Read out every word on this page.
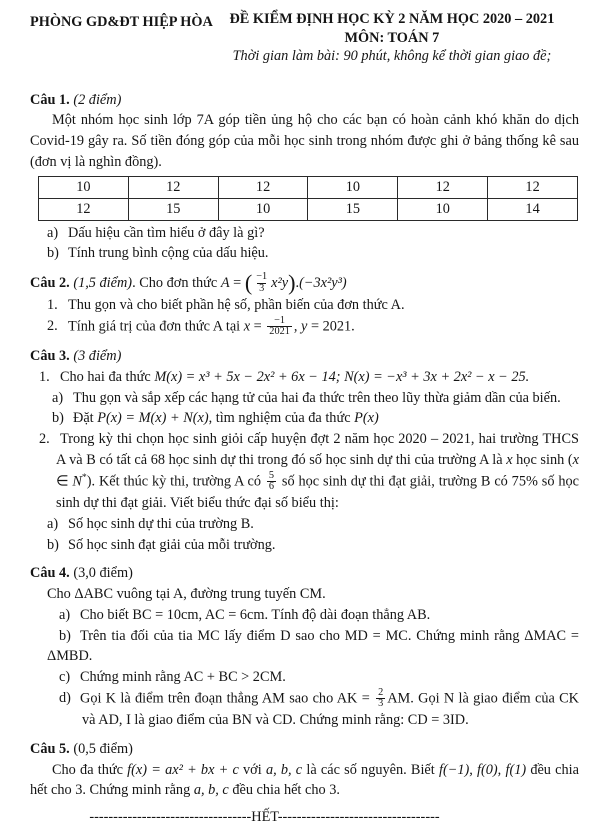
PHÒNG GD&ĐT HIỆP HÒA	ĐỀ KIỂM ĐỊNH HỌC KỲ 2 NĂM HỌC 2020 – 2021
MÔN: TOÁN 7
Thời gian làm bài: 90 phút, không kể thời gian giao đề;

Câu 1. (2 điểm)

Một nhóm học sinh lớp 7A góp tiền ủng hộ cho các bạn có hoàn cảnh khó khăn do dịch Covid-19 gây ra. Số tiền đóng góp của mỗi học sinh trong nhóm được ghi ở bảng thống kê sau (đơn vị là nghìn đồng).

10	12	12	10	12	12
12	15	10	15	10	14

a) Dấu hiệu cần tìm hiểu ở đây là gì?

b) Tính trung bình cộng của dấu hiệu.

Câu 2. (1,5 điểm). Cho đơn thức A = ( $\frac{-1}{3} x^2y).(-3x^2y^3)$

1. Thu gọn và cho biết phần hệ số, phần biến của đơn thức A.

2. Tính giá trị của đơn thức A tại $x = \frac{-1}{2021}$ , y = 2021.

Câu 3. (3 điểm)

1. Cho hai đa thức M(x) = x³ + 5x − 2x² + 6x − 14; N(x) = −x³ + 3x + 2x² − x − 25.

a) Thu gọn và sắp xếp các hạng tử của hai đa thức trên theo lũy thừa giảm dần của biến.

b) Đặt P(x) = M(x) + N(x), tìm nghiệm của đa thức P(x)

2. Trong kỳ thi chọn học sinh giỏi cấp huyện đợt 2 năm học 2020 – 2021, hai trường THCS A và B có tất cả 68 học sinh dự thi trong đó số học sinh dự thi của trường A là x học sinh (x ∈ N*). Kết thúc kỳ thi, trường A có $\frac{5}{6}$ số học sinh dự thi đạt giải, trường B có 75% số học sinh dự thi đạt giải. Viết biểu thức đại số biểu thị:

a) Số học sinh dự thi của trường B.

b) Số học sinh đạt giải của mỗi trường.

Câu 4. (3,0 điểm)

Cho ΔABC vuông tại A, đường trung tuyến CM.

a) Cho biết BC = 10cm, AC = 6cm. Tính độ dài đoạn thẳng AB.

b) Trên tia đối của tia MC lấy điểm D sao cho MD = MC. Chứng minh rằng ΔMAC = ΔMBD.

c) Chứng minh rằng AC + BC > 2CM.

d) Gọi K là điểm trên đoạn thẳng AM sao cho AK = $\frac{2}{3}$ AM. Gọi N là giao điểm của CK và AD, I là giao điểm của BN và CD. Chứng minh rằng: CD = 3ID.

Câu 5. (0,5 điểm)

Cho đa thức f(x) = ax² + bx + c với a, b, c là các số nguyên. Biết f(−1), f(0), f(1) đều chia hết cho 3. Chứng minh rằng a, b, c đều chia hết cho 3.

----------------------------------HẾT----------------------------------
